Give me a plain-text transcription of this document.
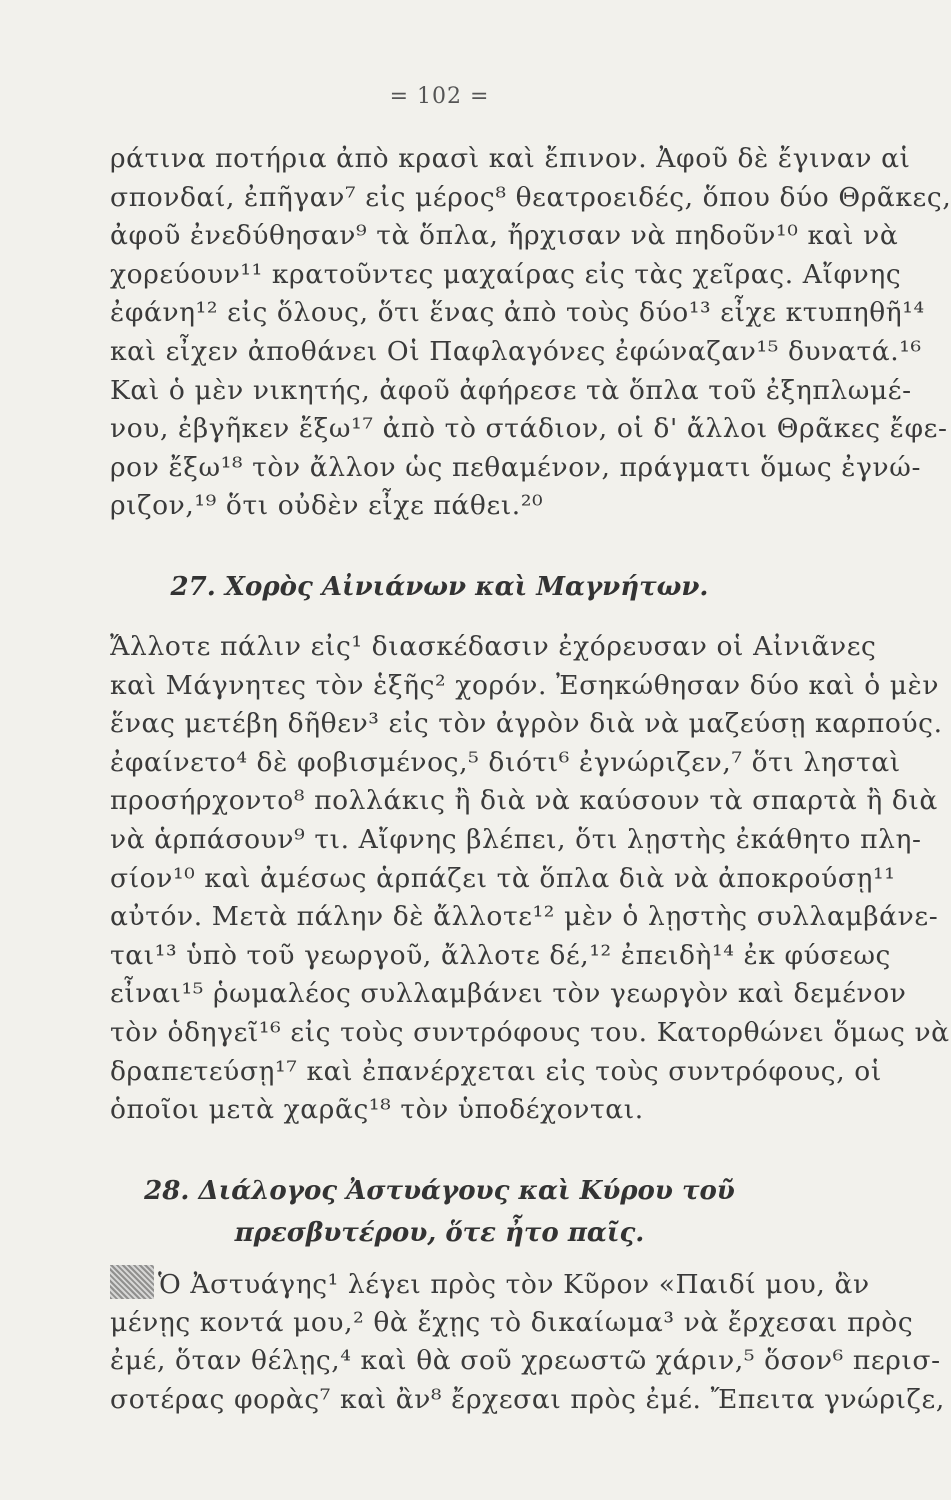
= 102 =
ράτινα ποτήρια ἀπὸ κρασὶ καὶ ἔπινον. Ἀφοῦ δὲ ἔγιναν αἱ
σπονδαί, ἐπῆγαν⁷ εἰς μέρος⁸ θεατροειδές, ὅπου δύο Θρᾶκες,
ἀφοῦ ἐνεδύθησαν⁹ τὰ ὅπλα, ἤρχισαν νὰ πηδοῦν¹⁰ καὶ νὰ
χορεύουν¹¹ κρατοῦντες μαχαίρας εἰς τὰς χεῖρας. Αἴφνης
ἐφάνη¹² εἰς ὅλους, ὅτι ἕνας ἀπὸ τοὺς δύο¹³ εἶχε κτυπηθῆ¹⁴
καὶ εἶχεν ἀποθάνει Οἱ Παφλαγόνες ἐφώναζαν¹⁵ δυνατά.¹⁶
Καὶ ὁ μὲν νικητής, ἀφοῦ ἀφήρεσε τὰ ὅπλα τοῦ ἐξηπλωμέ-
νου, ἐβγῆκεν ἔξω¹⁷ ἀπὸ τὸ στάδιον, οἱ δ' ἄλλοι Θρᾶκες ἔφε-
ρον ἔξω¹⁸ τὸν ἄλλον ὡς πεθαμένον, πράγματι ὅμως ἐγνώ-
ριζον,¹⁹ ὅτι οὐδὲν εἶχε πάθει.²⁰
27. Χορὸς Αἰνιάνων καὶ Μαγνήτων.
Ἄλλοτε πάλιν εἰς¹ διασκέδασιν ἐχόρευσαν οἱ Αἰνιᾶνες
καὶ Μάγνητες τὸν ἑξῆς² χορόν. Ἐσηκώθησαν δύο καὶ ὁ μὲν
ἕνας μετέβη δῆθεν³ εἰς τὸν ἀγρὸν διὰ νὰ μαζεύσῃ καρπούς.
ἐφαίνετο⁴ δὲ φοβισμένος,⁵ διότι⁶ ἐγνώριζεν,⁷ ὅτι λησταὶ
προσήρχοντο⁸ πολλάκις ἢ διὰ νὰ καύσουν τὰ σπαρτὰ ἢ διὰ
νὰ ἁρπάσουν⁹ τι. Αἴφνης βλέπει, ὅτι λῃστὴς ἐκάθητο πλη-
σίον¹⁰ καὶ ἀμέσως ἁρπάζει τὰ ὅπλα διὰ νὰ ἀποκρούσῃ¹¹
αὐτόν. Μετὰ πάλην δὲ ἄλλοτε¹² μὲν ὁ λῃστὴς συλλαμβάνε-
ται¹³ ὑπὸ τοῦ γεωργοῦ, ἄλλοτε δέ,¹² ἐπειδὴ¹⁴ ἐκ φύσεως
εἶναι¹⁵ ῥωμαλέος συλλαμβάνει τὸν γεωργὸν καὶ δεμένον
τὸν ὁδηγεῖ¹⁶ εἰς τοὺς συντρόφους του. Κατορθώνει ὅμως νὰ
δραπετεύσῃ¹⁷ καὶ ἐπανέρχεται εἰς τοὺς συντρόφους, οἱ
ὁποῖοι μετὰ χαρᾶς¹⁸ τὸν ὑποδέχονται.
28. Διάλογος Ἀστυάγους καὶ Κύρου τοῦ
πρεσβυτέρου, ὅτε ἦτο παῖς.
Ὁ Ἀστυάγης¹ λέγει πρὸς τὸν Κῦρον «Παιδί μου, ἂν
μένῃς κοντά μου,² θὰ ἔχῃς τὸ δικαίωμα³ νὰ ἔρχεσαι πρὸς
ἐμέ, ὅταν θέλῃς,⁴ καὶ θὰ σοῦ χρεωστῶ χάριν,⁵ ὅσον⁶ περισ-
σοτέρας φορὰς⁷ καὶ ἂν⁸ ἔρχεσαι πρὸς ἐμέ. Ἔπειτα γνώριζε,
